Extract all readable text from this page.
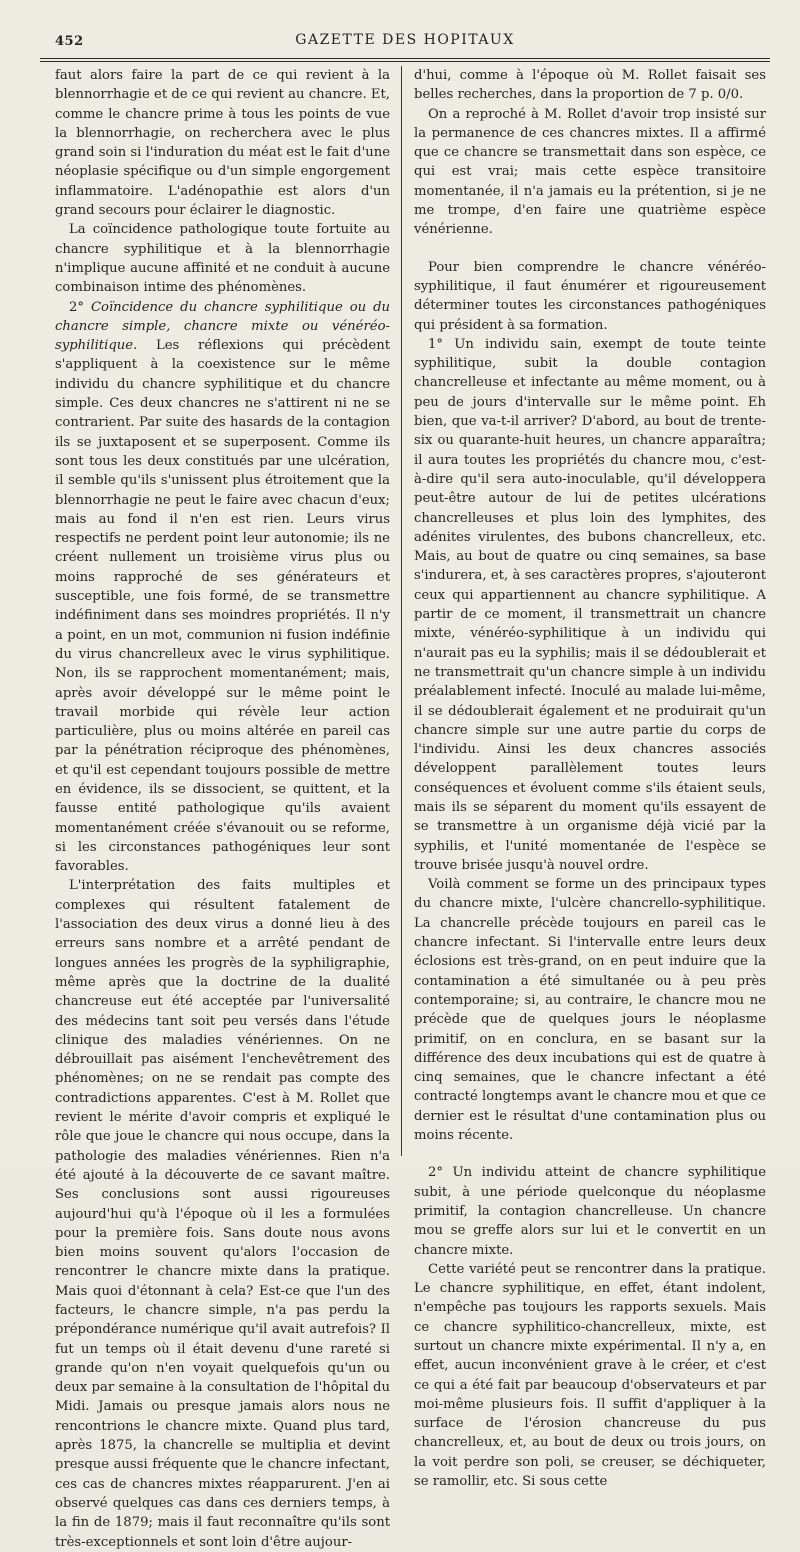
452	GAZETTE DES HOPITAUX

faut alors faire la part de ce qui revient à la blennorrhagie et de ce qui revient au chancre. Et, comme le chancre prime à tous les points de vue la blennorrhagie, on recherchera avec le plus grand soin si l'induration du méat est le fait d'une néoplasie spécifique ou d'un simple engorgement inflammatoire. L'adénopathie est alors d'un grand secours pour éclairer le diagnostic.

La coïncidence pathologique toute fortuite au chancre syphilitique et à la blennorrhagie n'implique aucune affinité et ne conduit à aucune combinaison intime des phénomènes.

2° Coïncidence du chancre syphilitique ou du chancre simple, chancre mixte ou vénéréo-syphilitique. Les réflexions qui précèdent s'appliquent à la coexistence sur le même individu du chancre syphilitique et du chancre simple. Ces deux chancres ne s'attirent ni ne se contrarient. Par suite des hasards de la contagion ils se juxtaposent et se superposent. Comme ils sont tous les deux constitués par une ulcération, il semble qu'ils s'unissent plus étroitement que la blennorrhagie ne peut le faire avec chacun d'eux; mais au fond il n'en est rien. Leurs virus respectifs ne perdent point leur autonomie; ils ne créent nullement un troisième virus plus ou moins rapproché de ses générateurs et susceptible, une fois formé, de se transmettre indéfiniment dans ses moindres propriétés. Il n'y a point, en un mot, communion ni fusion indéfinie du virus chancrelleux avec le virus syphilitique. Non, ils se rapprochent momentanément; mais, après avoir développé sur le même point le travail morbide qui révèle leur action particulière, plus ou moins altérée en pareil cas par la pénétration réciproque des phénomènes, et qu'il est cependant toujours possible de mettre en évidence, ils se dissocient, se quittent, et la fausse entité pathologique qu'ils avaient momentanément créée s'évanouit ou se reforme, si les circonstances pathogéniques leur sont favorables.

L'interprétation des faits multiples et complexes qui résultent fatalement de l'association des deux virus a donné lieu à des erreurs sans nombre et a arrêté pendant de longues années les progrès de la syphiligraphie, même après que la doctrine de la dualité chancreuse eut été acceptée par l'universalité des médecins tant soit peu versés dans l'étude clinique des maladies vénériennes. On ne débrouillait pas aisément l'enchevêtrement des phénomènes; on ne se rendait pas compte des contradictions apparentes. C'est à M. Rollet que revient le mérite d'avoir compris et expliqué le rôle que joue le chancre qui nous occupe, dans la pathologie des maladies vénériennes. Rien n'a été ajouté à la découverte de ce savant maître. Ses conclusions sont aussi rigoureuses aujourd'hui qu'à l'époque où il les a formulées pour la première fois. Sans doute nous avons bien moins souvent qu'alors l'occasion de rencontrer le chancre mixte dans la pratique. Mais quoi d'étonnant à cela? Est-ce que l'un des facteurs, le chancre simple, n'a pas perdu la prépondérance numérique qu'il avait autrefois? Il fut un temps où il était devenu d'une rareté si grande qu'on n'en voyait quelquefois qu'un ou deux par semaine à la consultation de l'hôpital du Midi. Jamais ou presque jamais alors nous ne rencontrions le chancre mixte. Quand plus tard, après 1875, la chancrelle se multiplia et devint presque aussi fréquente que le chancre infectant, ces cas de chancres mixtes réapparurent. J'en ai observé quelques cas dans ces derniers temps, à la fin de 1879; mais il faut reconnaître qu'ils sont très-exceptionnels et sont loin d'être aujour-

d'hui, comme à l'époque où M. Rollet faisait ses belles recherches, dans la proportion de 7 p. 0/0.

On a reproché à M. Rollet d'avoir trop insisté sur la permanence de ces chancres mixtes. Il a affirmé que ce chancre se transmettait dans son espèce, ce qui est vrai; mais cette espèce transitoire momentanée, il n'a jamais eu la prétention, si je ne me trompe, d'en faire une quatrième espèce vénérienne.

Pour bien comprendre le chancre vénéréo-syphilitique, il faut énumérer et rigoureusement déterminer toutes les circonstances pathogéniques qui président à sa formation.

1° Un individu sain, exempt de toute teinte syphilitique, subit la double contagion chancrelleuse et infectante au même moment, ou à peu de jours d'intervalle sur le même point. Eh bien, que va-t-il arriver? D'abord, au bout de trente-six ou quarante-huit heures, un chancre apparaîtra; il aura toutes les propriétés du chancre mou, c'est-à-dire qu'il sera auto-inoculable, qu'il développera peut-être autour de lui de petites ulcérations chancrelleuses et plus loin des lymphites, des adénites virulentes, des bubons chancrelleux, etc. Mais, au bout de quatre ou cinq semaines, sa base s'indurera, et, à ses caractères propres, s'ajouteront ceux qui appartiennent au chancre syphilitique. A partir de ce moment, il transmettrait un chancre mixte, vénéréo-syphilitique à un individu qui n'aurait pas eu la syphilis; mais il se dédoublerait et ne transmettrait qu'un chancre simple à un individu préalablement infecté. Inoculé au malade lui-même, il se dédoublerait également et ne produirait qu'un chancre simple sur une autre partie du corps de l'individu. Ainsi les deux chancres associés développent parallèlement toutes leurs conséquences et évoluent comme s'ils étaient seuls, mais ils se séparent du moment qu'ils essayent de se transmettre à un organisme déjà vicié par la syphilis, et l'unité momentanée de l'espèce se trouve brisée jusqu'à nouvel ordre.

Voilà comment se forme un des principaux types du chancre mixte, l'ulcère chancrello-syphilitique. La chancrelle précède toujours en pareil cas le chancre infectant. Si l'intervalle entre leurs deux éclosions est très-grand, on en peut induire que la contamination a été simultanée ou à peu près contemporaine; si, au contraire, le chancre mou ne précède que de quelques jours le néoplasme primitif, on en conclura, en se basant sur la différence des deux incubations qui est de quatre à cinq semaines, que le chancre infectant a été contracté longtemps avant le chancre mou et que ce dernier est le résultat d'une contamination plus ou moins récente.

2° Un individu atteint de chancre syphilitique subit, à une période quelconque du néoplasme primitif, la contagion chancrelleuse. Un chancre mou se greffe alors sur lui et le convertit en un chancre mixte.

Cette variété peut se rencontrer dans la pratique. Le chancre syphilitique, en effet, étant indolent, n'empêche pas toujours les rapports sexuels. Mais ce chancre syphilitico-chancrelleux, mixte, est surtout un chancre mixte expérimental. Il n'y a, en effet, aucun inconvénient grave à le créer, et c'est ce qui a été fait par beaucoup d'observateurs et par moi-même plusieurs fois. Il suffit d'appliquer à la surface de l'érosion chancreuse du pus chancrelleux, et, au bout de deux ou trois jours, on la voit perdre son poli, se creuser, se déchiqueter, se ramollir, etc. Si sous cette
